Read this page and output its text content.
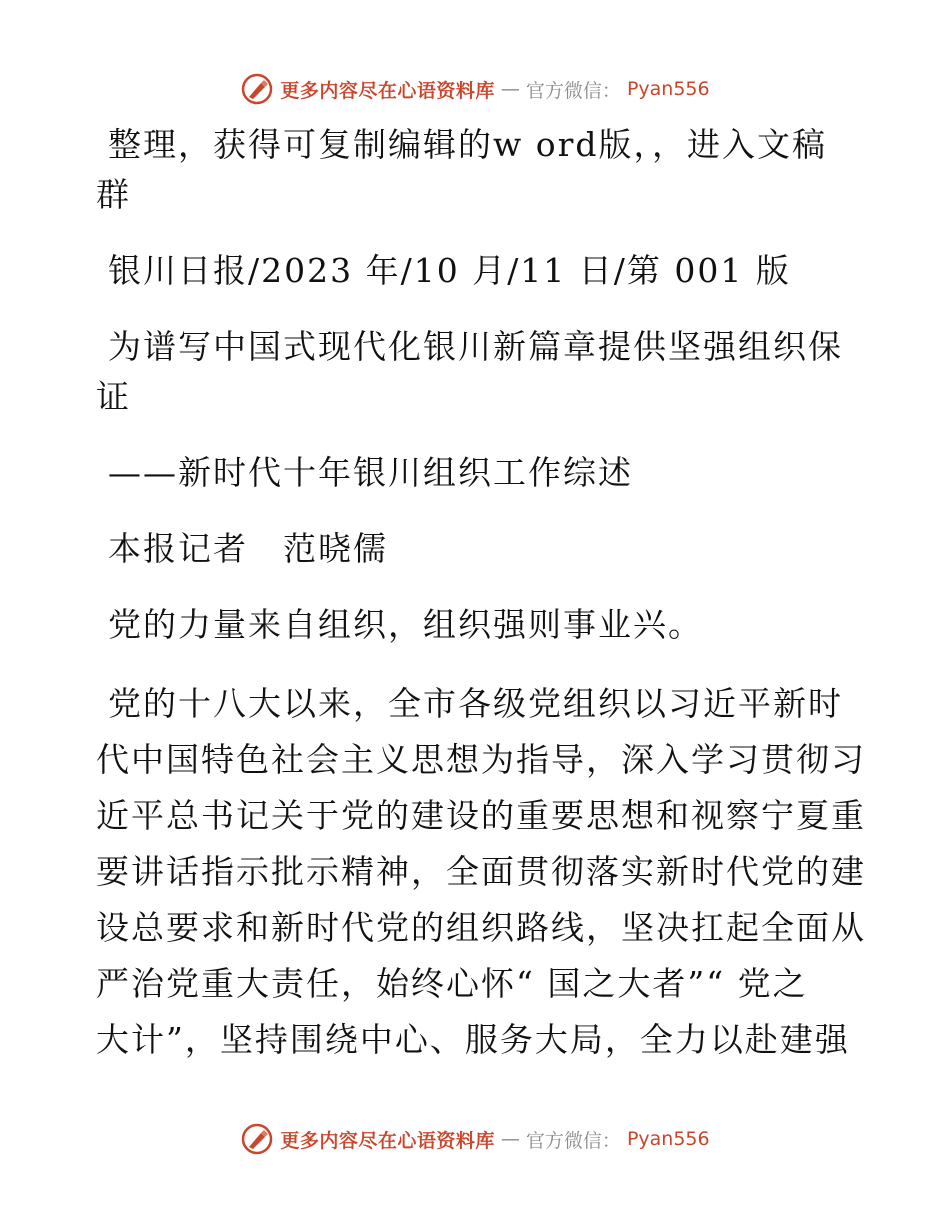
更多内容尽在心语资料库 — 官方微信： Pyan556

整理，获得可复制编辑的w ord版，，进入文稿

群

银川日报/2023 年/10 月/11 日/第 001 版

为谱写中国式现代化银川新篇章提供坚强组织保

证

——新时代十年银川组织工作综述

本报记者　范晓儒

党的力量来自组织，组织强则事业兴。

党的十八大以来，全市各级党组织以习近平新时

代中国特色社会主义思想为指导，深入学习贯彻习

近平总书记关于党的建设的重要思想和视察宁夏重

要讲话指示批示精神，全面贯彻落实新时代党的建

设总要求和新时代党的组织路线，坚决扛起全面从

严治党重大责任，始终心怀“ 国之大者”“ 党之

大计”，坚持围绕中心、服务大局，全力以赴建强

更多内容尽在心语资料库 — 官方微信： Pyan556
